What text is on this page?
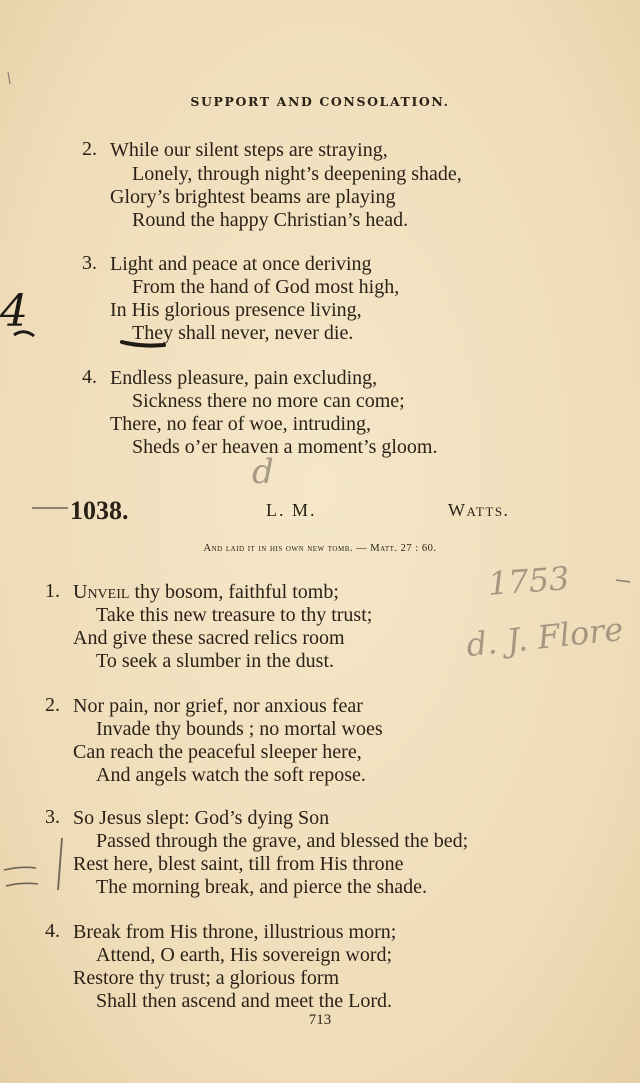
SUPPORT AND CONSOLATION.
2. While our silent steps are straying,
Lonely, through night’s deepening shade,
Glory’s brightest beams are playing
Round the happy Christian’s head.
3. Light and peace at once deriving
From the hand of God most high,
In His glorious presence living,
They shall never, never die.
4. Endless pleasure, pain excluding,
Sickness there no more can come;
There, no fear of woe, intruding,
Sheds o’er heaven a moment’s gloom.
1038.	L. M.	Watts.
And laid it in his own new tomb. — Matt. 27 : 60.
1. Unveil thy bosom, faithful tomb;
Take this new treasure to thy trust;
And give these sacred relics room
To seek a slumber in the dust.
2. Nor pain, nor grief, nor anxious fear
Invade thy bounds ; no mortal woes
Can reach the peaceful sleeper here,
And angels watch the soft repose.
3. So Jesus slept: God’s dying Son
Passed through the grave, and blessed the bed;
Rest here, blest saint, till from His throne
The morning break, and pierce the shade.
4. Break from His throne, illustrious morn;
Attend, O earth, His sovereign word;
Restore thy trust; a glorious form
Shall then ascend and meet the Lord.
713
1753
d. J. Flore
d
4
